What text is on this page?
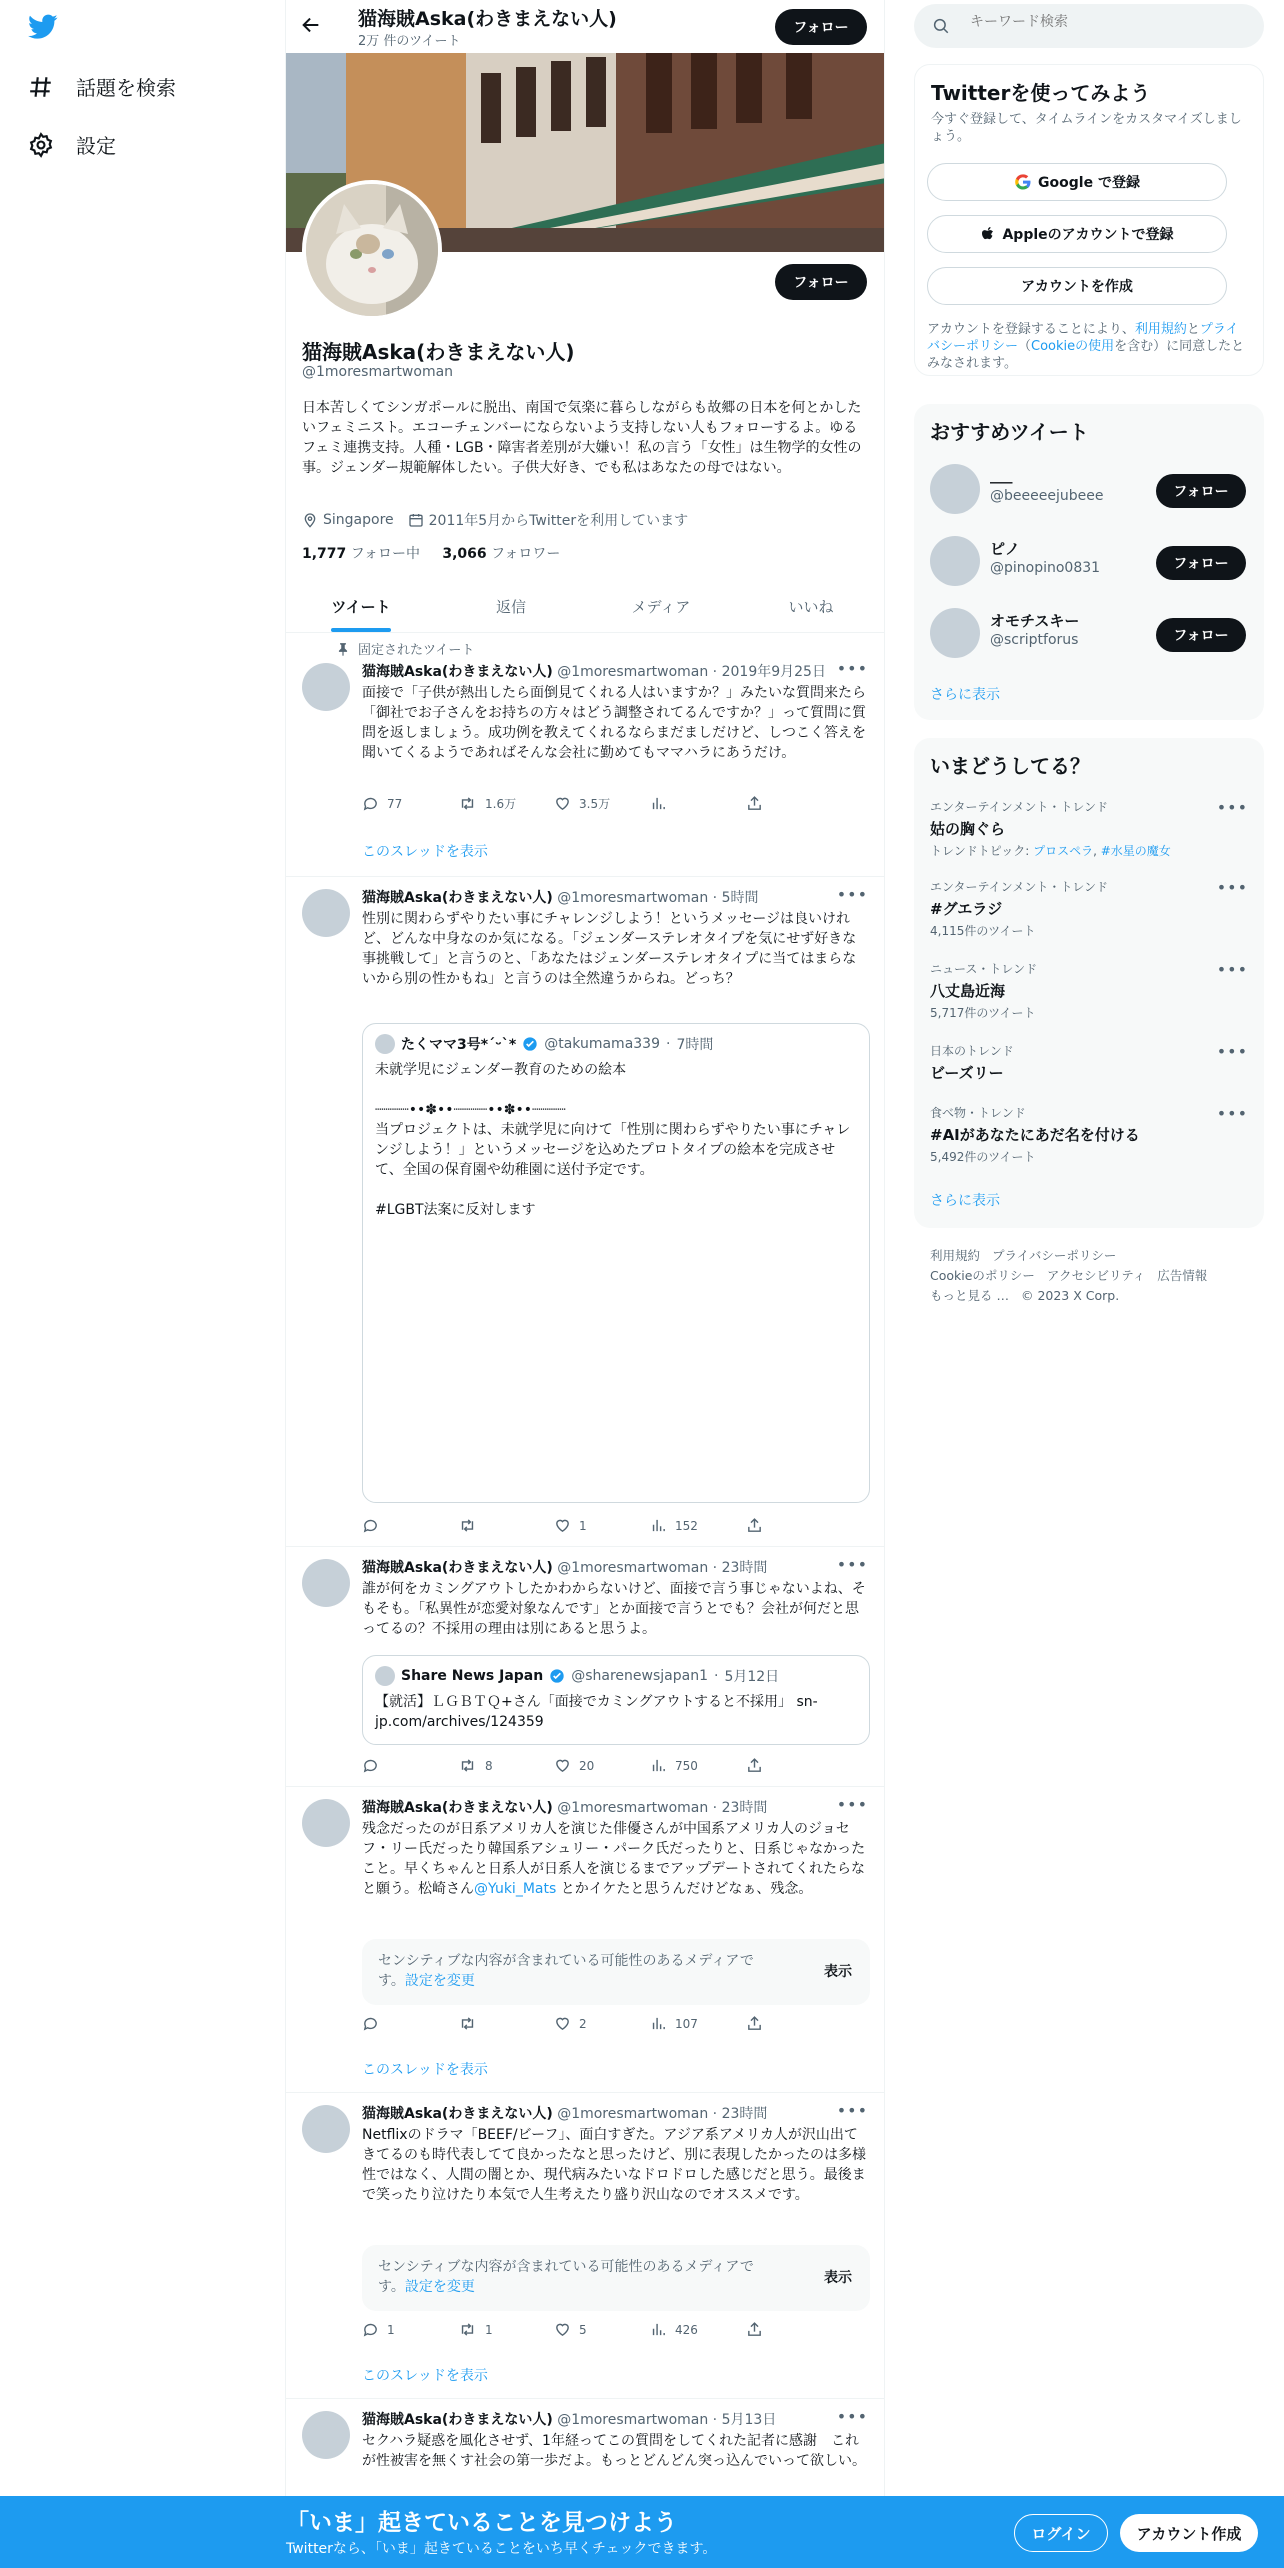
話題を検索
設定
猫海賊Aska(わきまえない人)
2万 件のツイート
フォロー
フォロー
猫海賊Aska(わきまえない人)
@1moresmartwoman
日本苦しくてシンガポールに脱出、南国で気楽に暮らしながらも故郷の日本を何とかしたいフェミニスト。エコーチェンバーにならないよう支持しない人もフォローするよ。ゆるフェミ連携支持。人種・LGB・障害者差別が大嫌い！私の言う「女性」は生物学的女性の事。ジェンダー規範解体したい。子供大好き、でも私はあなたの母ではない。
Singapore	2011年5月からTwitterを利用しています
1,777 フォロー中 3,066 フォロワー
ツイート	返信	メディア	いいね
固定されたツイート
猫海賊Aska(わきまえない人) @1moresmartwoman · 2019年9月25日 •••
面接で「子供が熱出したら面倒見てくれる人はいますか？」みたいな質問来たら「御社でお子さんをお持ちの方々はどう調整されてるんですか？」って質問に質問を返しましょう。成功例を教えてくれるならまだましだけど、しつこく答えを聞いてくるようであればそんな会社に勤めてもママハラにあうだけ。
77	1.6万	3.5万
このスレッドを表示
猫海賊Aska(わきまえない人) @1moresmartwoman · 5時間	•••
性別に関わらずやりたい事にチャレンジしよう！というメッセージは良いけれど、どんな中身なのか気になる。「ジェンダーステレオタイプを気にせず好きな事挑戦して」と言うのと、「あなたはジェンダーステレオタイプに当てはまらないから別の性かもね」と言うのは全然違うからね。どっち？
たくママ3号*ˊᵕˋ* @takumama339 · 7時間
未就学児にジェンダー教育のための絵本

┈┈┈┈••✽••┈┈┈┈••✽••┈┈┈┈
当プロジェクトは、未就学児に向けて「性別に関わらずやりたい事にチャレンジしよう！」というメッセージを込めたプロトタイプの絵本を完成させて、全国の保育園や幼稚園に送付予定です。

#LGBT法案に反対します
1	152
猫海賊Aska(わきまえない人) @1moresmartwoman · 23時間	•••
誰が何をカミングアウトしたかわからないけど、面接で言う事じゃないよね、そもそも。「私異性が恋愛対象なんです」とか面接で言うとでも？会社が何だと思ってるの？不採用の理由は別にあると思うよ。
Share News Japan @sharenewsjapan1 · 5月12日
【就活】ＬＧＢＴＱ+さん「面接でカミングアウトすると不採用」 sn-jp.com/archives/124359
8	20	750
猫海賊Aska(わきまえない人) @1moresmartwoman · 23時間	•••
残念だったのが日系アメリカ人を演じた俳優さんが中国系アメリカ人のジョセフ・リー氏だったり韓国系アシュリー・パーク氏だったりと、日系じゃなかったこと。早くちゃんと日系人が日系人を演じるまでアップデートされてくれたらなと願う。松崎さん@Yuki_Mats とかイケたと思うんだけどなぁ、残念。
センシティブな内容が含まれている可能性のあるメディアです。設定を変更
表示
2	107
このスレッドを表示
猫海賊Aska(わきまえない人) @1moresmartwoman · 23時間	•••
Netflixのドラマ「BEEF/ビーフ」、面白すぎた。アジア系アメリカ人が沢山出てきてるのも時代表してて良かったなと思ったけど、別に表現したかったのは多様性ではなく、人間の闇とか、現代病みたいなドロドロした感じだと思う。最後まで笑ったり泣けたり本気で人生考えたり盛り沢山なのでオススメです。
センシティブな内容が含まれている可能性のあるメディアです。設定を変更
表示
1	1	5	426
このスレッドを表示
猫海賊Aska(わきまえない人) @1moresmartwoman · 5月13日	•••
セクハラ疑惑を風化させず、1年経ってこの質問をしてくれた記者に感謝　これが性被害を無くす社会の第一歩だよ。もっとどんどん突っ込んでいって欲しい。
キーワード検索
Twitterを使ってみよう
今すぐ登録して、タイムラインをカスタマイズしましょう。
Google で登録
Appleのアカウントで登録
アカウントを作成
アカウントを登録することにより、利用規約とプライバシーポリシー（Cookieの使用を含む）に同意したとみなされます。
おすすめツイート
___
@beeeeejubeee	フォロー
ピノ
@pinopino0831	フォロー
オモチスキー
@scriptforus	フォロー
さらに表示
いまどうしてる？
エンターテインメント・トレンド
姑の胸ぐら
トレンドトピック: プロスペラ, #水星の魔女
•••
エンターテインメント・トレンド
#グエラジ
4,115件のツイート
•••
ニュース・トレンド
八丈島近海
5,717件のツイート
•••
日本のトレンド
ビーズリー
•••
食べ物・トレンド
#AIがあなたにあだ名を付ける
5,492件のツイート
•••
さらに表示
利用規約 プライバシーポリシー
Cookieのポリシー アクセシビリティ 広告情報
もっと見る … © 2023 X Corp.
「いま」起きていることを見つけよう
Twitterなら、「いま」起きていることをいち早くチェックできます。
ログイン	アカウント作成
